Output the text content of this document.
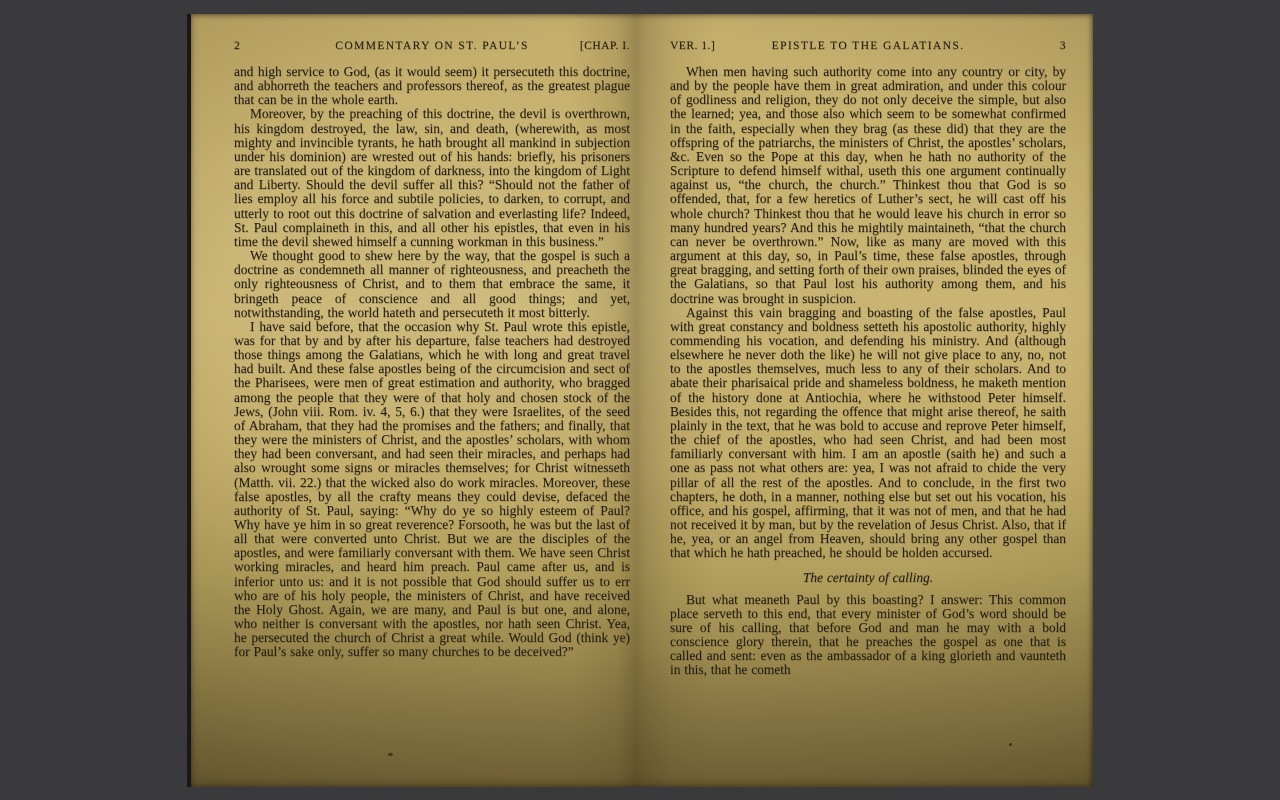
2	COMMENTARY ON ST. PAUL’S	[CHAP. I.

and high service to God, (as it would seem) it persecuteth this doctrine, and abhorreth the teachers and professors thereof, as the greatest plague that can be in the whole earth.

Moreover, by the preaching of this doctrine, the devil is overthrown, his kingdom destroyed, the law, sin, and death, (wherewith, as most mighty and invincible tyrants, he hath brought all mankind in subjection under his dominion) are wrested out of his hands: briefly, his prisoners are translated out of the kingdom of darkness, into the kingdom of Light and Liberty. Should the devil suffer all this? “Should not the father of lies employ all his force and subtile policies, to darken, to corrupt, and utterly to root out this doctrine of salvation and everlasting life? Indeed, St. Paul complaineth in this, and all other his epistles, that even in his time the devil shewed himself a cunning workman in this business.”

We thought good to shew here by the way, that the gospel is such a doctrine as condemneth all manner of righteousness, and preacheth the only righteousness of Christ, and to them that embrace the same, it bringeth peace of conscience and all good things; and yet, notwithstanding, the world hateth and persecuteth it most bitterly.

I have said before, that the occasion why St. Paul wrote this epistle, was for that by and by after his departure, false teachers had destroyed those things among the Galatians, which he with long and great travel had built. And these false apostles being of the circumcision and sect of the Pharisees, were men of great estimation and authority, who bragged among the people that they were of that holy and chosen stock of the Jews, (John viii. Rom. iv. 4, 5, 6.) that they were Israelites, of the seed of Abraham, that they had the promises and the fathers; and finally, that they were the ministers of Christ, and the apostles’ scholars, with whom they had been conversant, and had seen their miracles, and perhaps had also wrought some signs or miracles themselves; for Christ witnesseth (Matth. vii. 22.) that the wicked also do work miracles. Moreover, these false apostles, by all the crafty means they could devise, defaced the authority of St. Paul, saying: “Why do ye so highly esteem of Paul? Why have ye him in so great reverence? Forsooth, he was but the last of all that were converted unto Christ. But we are the disciples of the apostles, and were familiarly conversant with them. We have seen Christ working miracles, and heard him preach. Paul came after us, and is inferior unto us: and it is not possible that God should suffer us to err who are of his holy people, the ministers of Christ, and have received the Holy Ghost. Again, we are many, and Paul is but one, and alone, who neither is conversant with the apostles, nor hath seen Christ. Yea, he persecuted the church of Christ a great while. Would God (think ye) for Paul’s sake only, suffer so many churches to be deceived?”

VER. 1.]	EPISTLE TO THE GALATIANS.	3

When men having such authority come into any country or city, by and by the people have them in great admiration, and under this colour of godliness and religion, they do not only deceive the simple, but also the learned; yea, and those also which seem to be somewhat confirmed in the faith, especially when they brag (as these did) that they are the offspring of the patriarchs, the ministers of Christ, the apostles’ scholars, &c. Even so the Pope at this day, when he hath no authority of the Scripture to defend himself withal, useth this one argument continually against us, “the church, the church.” Thinkest thou that God is so offended, that, for a few heretics of Luther’s sect, he will cast off his whole church? Thinkest thou that he would leave his church in error so many hundred years? And this he mightily maintaineth, “that the church can never be overthrown.” Now, like as many are moved with this argument at this day, so, in Paul’s time, these false apostles, through great bragging, and setting forth of their own praises, blinded the eyes of the Galatians, so that Paul lost his authority among them, and his doctrine was brought in suspicion.

Against this vain bragging and boasting of the false apostles, Paul with great constancy and boldness setteth his apostolic authority, highly commending his vocation, and defending his ministry. And (although elsewhere he never doth the like) he will not give place to any, no, not to the apostles themselves, much less to any of their scholars. And to abate their pharisaical pride and shameless boldness, he maketh mention of the history done at Antiochia, where he withstood Peter himself. Besides this, not regarding the offence that might arise thereof, he saith plainly in the text, that he was bold to accuse and reprove Peter himself, the chief of the apostles, who had seen Christ, and had been most familiarly conversant with him. I am an apostle (saith he) and such a one as pass not what others are: yea, I was not afraid to chide the very pillar of all the rest of the apostles. And to conclude, in the first two chapters, he doth, in a manner, nothing else but set out his vocation, his office, and his gospel, affirming, that it was not of men, and that he had not received it by man, but by the revelation of Jesus Christ. Also, that if he, yea, or an angel from Heaven, should bring any other gospel than that which he hath preached, he should be holden accursed.

The certainty of calling.

But what meaneth Paul by this boasting? I answer: This common place serveth to this end, that every minister of God’s word should be sure of his calling, that before God and man he may with a bold conscience glory therein, that he preaches the gospel as one that is called and sent: even as the ambassador of a king glorieth and vaunteth in this, that he cometh
